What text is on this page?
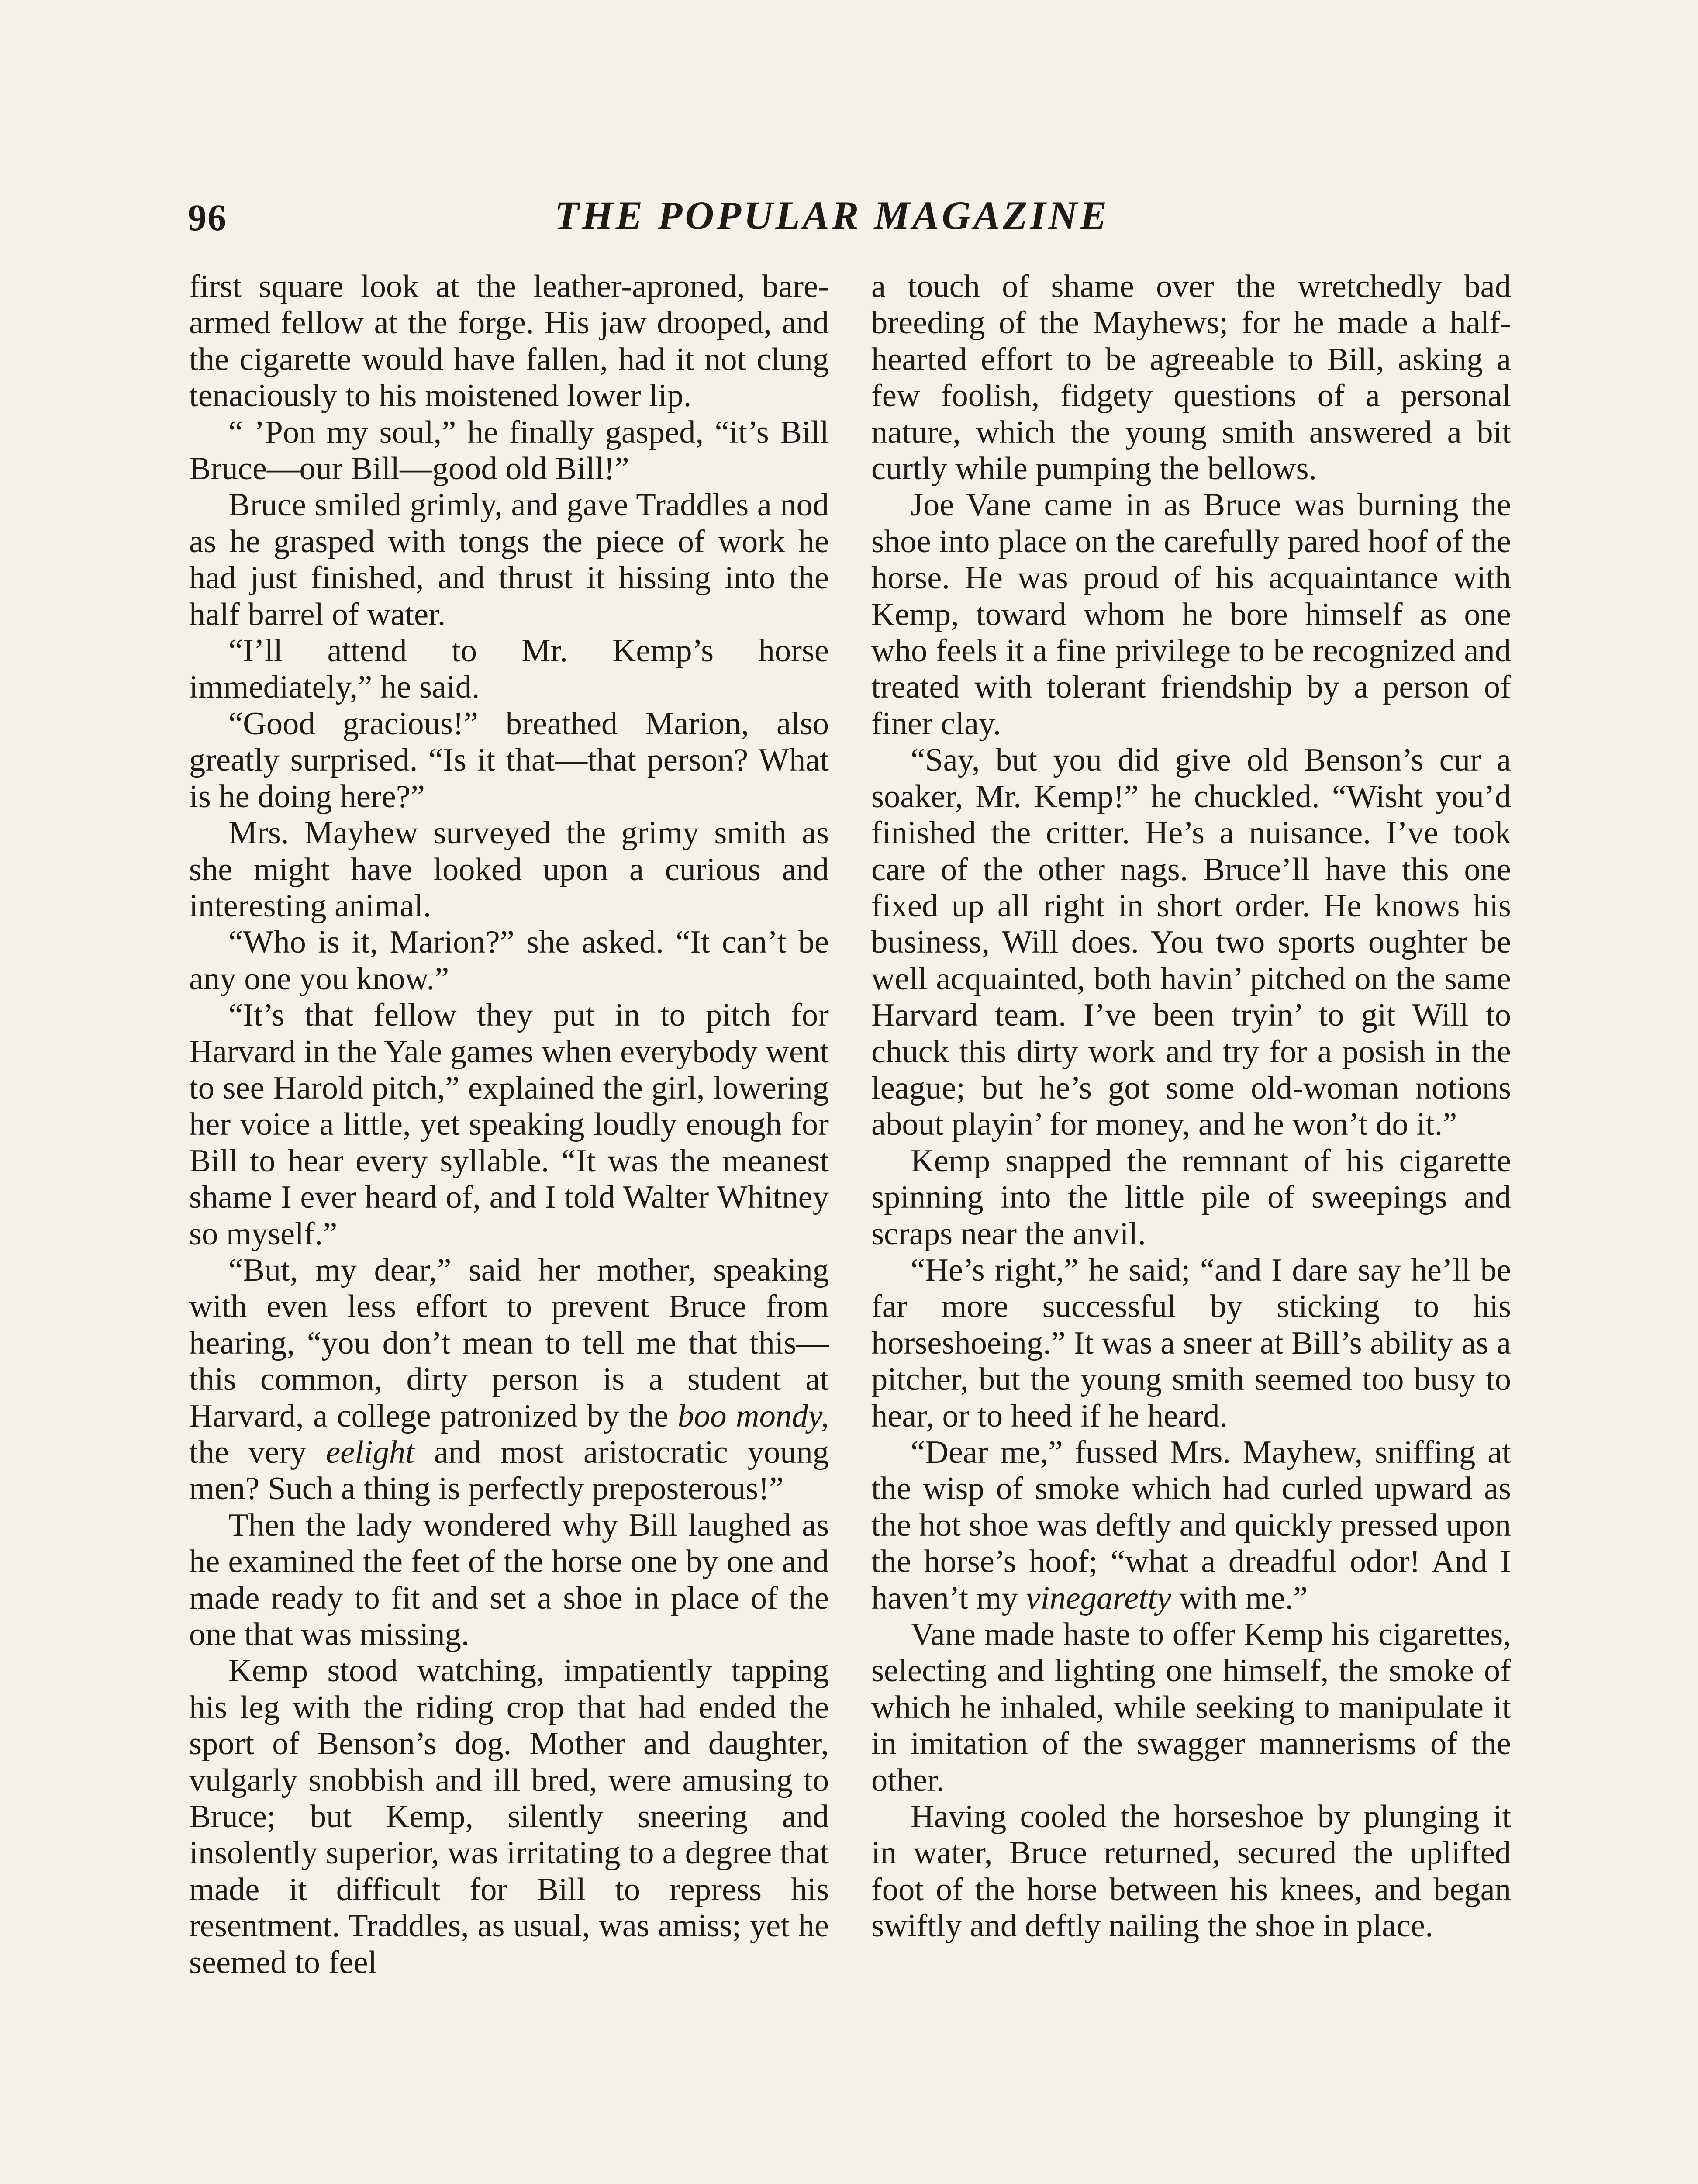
96	THE POPULAR MAGAZINE

first square look at the leather-aproned, bare-armed fellow at the forge. His jaw drooped, and the cigarette would have fallen, had it not clung tenaciously to his moistened lower lip.

“ ’Pon my soul,” he finally gasped, “it’s Bill Bruce—our Bill—good old Bill!”

Bruce smiled grimly, and gave Traddles a nod as he grasped with tongs the piece of work he had just finished, and thrust it hissing into the half barrel of water.

“I’ll attend to Mr. Kemp’s horse immediately,” he said.

“Good gracious!” breathed Marion, also greatly surprised. “Is it that—that person? What is he doing here?”

Mrs. Mayhew surveyed the grimy smith as she might have looked upon a curious and interesting animal.

“Who is it, Marion?” she asked. “It can’t be any one you know.”

“It’s that fellow they put in to pitch for Harvard in the Yale games when everybody went to see Harold pitch,” explained the girl, lowering her voice a little, yet speaking loudly enough for Bill to hear every syllable. “It was the meanest shame I ever heard of, and I told Walter Whitney so myself.”

“But, my dear,” said her mother, speaking with even less effort to prevent Bruce from hearing, “you don’t mean to tell me that this—this common, dirty person is a student at Harvard, a college patronized by the boo mondy, the very eelight and most aristocratic young men? Such a thing is perfectly preposterous!”

Then the lady wondered why Bill laughed as he examined the feet of the horse one by one and made ready to fit and set a shoe in place of the one that was missing.

Kemp stood watching, impatiently tapping his leg with the riding crop that had ended the sport of Benson’s dog. Mother and daughter, vulgarly snobbish and ill bred, were amusing to Bruce; but Kemp, silently sneering and insolently superior, was irritating to a degree that made it difficult for Bill to repress his resentment. Traddles, as usual, was amiss; yet he seemed to feel

a touch of shame over the wretchedly bad breeding of the Mayhews; for he made a half-hearted effort to be agreeable to Bill, asking a few foolish, fidgety questions of a personal nature, which the young smith answered a bit curtly while pumping the bellows.

Joe Vane came in as Bruce was burning the shoe into place on the carefully pared hoof of the horse. He was proud of his acquaintance with Kemp, toward whom he bore himself as one who feels it a fine privilege to be recognized and treated with tolerant friendship by a person of finer clay.

“Say, but you did give old Benson’s cur a soaker, Mr. Kemp!” he chuckled. “Wisht you’d finished the critter. He’s a nuisance. I’ve took care of the other nags. Bruce’ll have this one fixed up all right in short order. He knows his business, Will does. You two sports oughter be well acquainted, both havin’ pitched on the same Harvard team. I’ve been tryin’ to git Will to chuck this dirty work and try for a posish in the league; but he’s got some old-woman notions about playin’ for money, and he won’t do it.”

Kemp snapped the remnant of his cigarette spinning into the little pile of sweepings and scraps near the anvil.

“He’s right,” he said; “and I dare say he’ll be far more successful by sticking to his horseshoeing.” It was a sneer at Bill’s ability as a pitcher, but the young smith seemed too busy to hear, or to heed if he heard.

“Dear me,” fussed Mrs. Mayhew, sniffing at the wisp of smoke which had curled upward as the hot shoe was deftly and quickly pressed upon the horse’s hoof; “what a dreadful odor! And I haven’t my vinegaretty with me.”

Vane made haste to offer Kemp his cigarettes, selecting and lighting one himself, the smoke of which he inhaled, while seeking to manipulate it in imitation of the swagger mannerisms of the other.

Having cooled the horseshoe by plunging it in water, Bruce returned, secured the uplifted foot of the horse between his knees, and began swiftly and deftly nailing the shoe in place.
